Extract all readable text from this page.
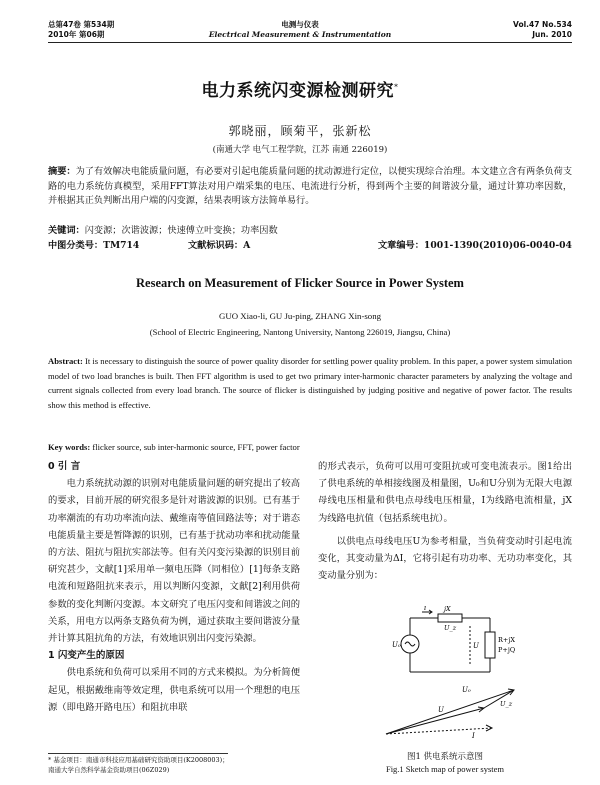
总第47卷 第534期
2010年 第06期
电测与仪表
Electrical Measurement & Instrumentation
Vol.47 No.534
Jun. 2010
电力系统闪变源检测研究*
郭晓丽，顾菊平，张新松
(南通大学 电气工程学院，江苏 南通 226019)
摘要：为了有效解决电能质量问题，有必要对引起电能质量问题的扰动源进行定位，以便实现综合治理。本文建立含有两条负荷支路的电力系统仿真模型，采用FFT算法对用户端采集的电压、电流进行分析，得到两个主要的间谐波分量，通过计算功率因数，并根据其正负判断出用户端的闪变源，结果表明该方法简单易行。
关键词：闪变源；次谐波源；快速傅立叶变换；功率因数
中图分类号：TM714	文献标识码：A	文章编号：1001-1390(2010)06-0040-04
Research on Measurement of Flicker Source in Power System
GUO Xiao-li, GU Ju-ping, ZHANG Xin-song
(School of Electric Engineering, Nantong University, Nantong 226019, Jiangsu, China)
Abstract: It is necessary to distinguish the source of power quality disorder for settling power quality problem. In this paper, a power system simulation model of two load branches is built. Then FFT algorithm is used to get two primary inter-harmonic character parameters by analyzing the voltage and current signals collected from every load branch. The source of flicker is distinguished by judging positive and negative of power factor. The results show this method is effective.
Key words: flicker source, sub inter-harmonic source, FFT, power factor

0 引 言

电力系统扰动源的识别对电能质量问题的研究提出了较高的要求，目前开展的研究很多是针对谐波源的识别。已有基于功率潮流的有功功率流向法、戴维南等值回路法等；对于谐态电能质量主要是暂降源的识别，已有基于扰动功率和扰动能量的方法、阻抗与阻抗实部法等。但有关闪变污染源的识别目前研究甚少，文献[1]采用单一频电压降（同相位）[1]每条支路电流和短路阻抗来表示，用以判断闪变源，文献[2]利用供荷参数的变化判断闪变源。本文研究了电压闪变和间谐波之间的关系，用电方以两条支路负荷为例，通过获取主要间谐波分量并计算其阻抗角的方法，有效地识别出闪变污染源。

1 闪变产生的原因

供电系统和负荷可以采用不同的方式来模拟。为分析简便起见，根据戴维南等效定理，供电系统可以用一个理想的电压源（即电路开路电压）和阻抗串联

* 基金项目：南通市科技应用基础研究资助项目(K2008003)；
南通大学自然科学基金资助项目(06Z029)

的形式表示，负荷可以用可变阻抗或可变电流表示。图1给出了供电系统的单相接线图及相量图，U₀和U分别为无限大电源母线电压相量和供电点母线电压相量，I为线路电流相量，jX为线路电抗值（包括系统电抗）。

以供电点母线电压U为参考相量，当负荷变动时引起电流变化，其变动量为ΔI，它将引起有功功率、无功功率变化，其变动量分别为：

i
U₀	U
U_z
jX
R+jX
P+jQ
U₀
U
U_z
I
图1 供电系统示意图
Fig.1 Sketch map of power system
